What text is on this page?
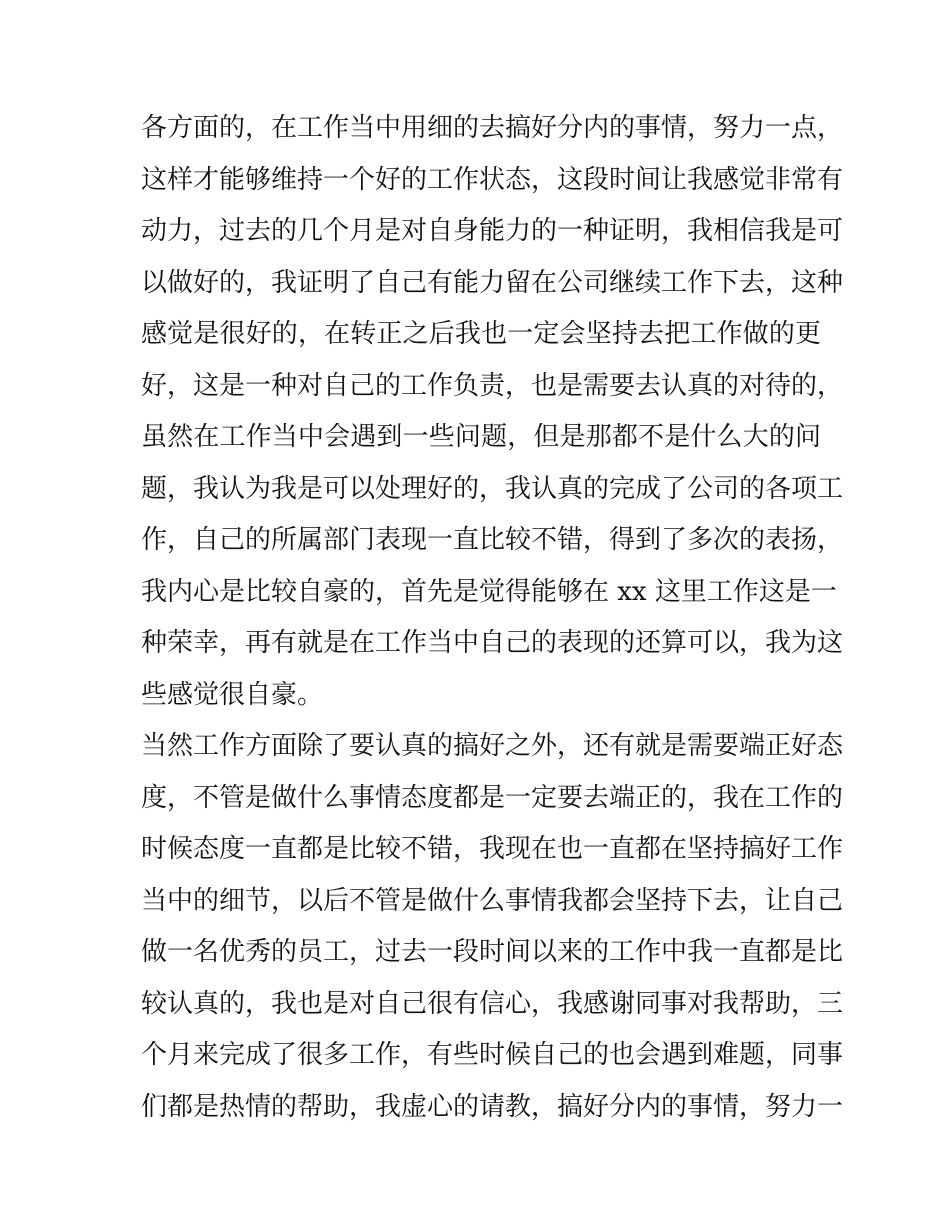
各方面的，在工作当中用细的去搞好分内的事情，努力一点，
这样才能够维持一个好的工作状态，这段时间让我感觉非常有
动力，过去的几个月是对自身能力的一种证明，我相信我是可
以做好的，我证明了自己有能力留在公司继续工作下去，这种
感觉是很好的，在转正之后我也一定会坚持去把工作做的更
好，这是一种对自己的工作负责，也是需要去认真的对待的，
虽然在工作当中会遇到一些问题，但是那都不是什么大的问
题，我认为我是可以处理好的，我认真的完成了公司的各项工
作，自己的所属部门表现一直比较不错，得到了多次的表扬，
我内心是比较自豪的，首先是觉得能够在 xx 这里工作这是一
种荣幸，再有就是在工作当中自己的表现的还算可以，我为这
些感觉很自豪。
当然工作方面除了要认真的搞好之外，还有就是需要端正好态
度，不管是做什么事情态度都是一定要去端正的，我在工作的
时候态度一直都是比较不错，我现在也一直都在坚持搞好工作
当中的细节，以后不管是做什么事情我都会坚持下去，让自己
做一名优秀的员工，过去一段时间以来的工作中我一直都是比
较认真的，我也是对自己很有信心，我感谢同事对我帮助，三
个月来完成了很多工作，有些时候自己的也会遇到难题，同事
们都是热情的帮助，我虚心的请教，搞好分内的事情，努力一
